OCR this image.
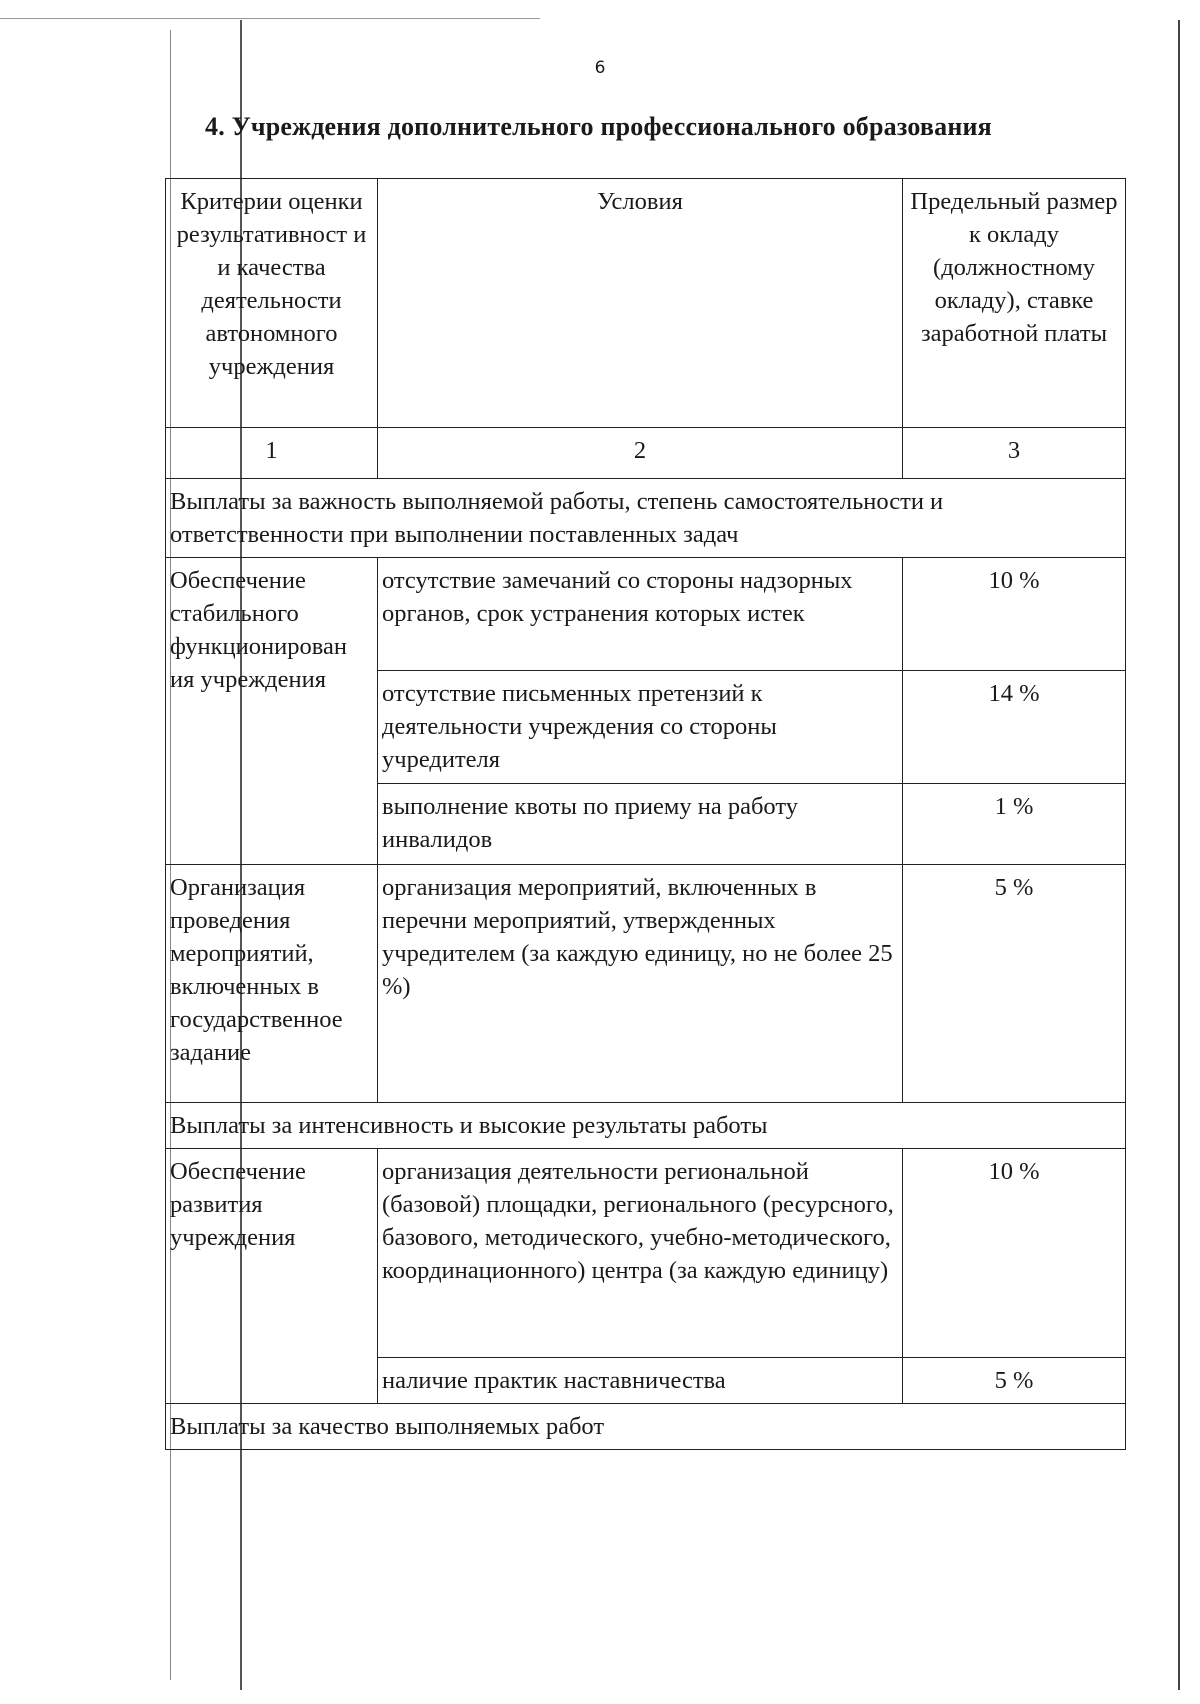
6
4. Учреждения дополнительного профессионального образования
Критерии оценки результативност и и качества деятельности автономного учреждения	Условия	Предельный размер к окладу (должностному окладу), ставке заработной платы
1	2	3
Выплаты за важность выполняемой работы, степень самостоятельности и ответственности при выполнении поставленных задач		
Обеспечение стабильного функционирован ия учреждения	отсутствие замечаний со стороны надзорных органов, срок устранения которых истек	10 %
	отсутствие письменных претензий к деятельности учреждения со стороны учредителя	14 %
	выполнение квоты по приему на работу инвалидов	1 %
Организация проведения мероприятий, включенных в государственное задание	организация мероприятий, включенных в перечни мероприятий, утвержденных учредителем (за каждую единицу, но не более 25 %)	5 %
Выплаты за интенсивность и высокие результаты работы		
Обеспечение развития учреждения	организация деятельности региональной (базовой) площадки, регионального (ресурсного, базового, методического, учебно-методического, координационного) центра (за каждую единицу)	10 %
	наличие практик наставничества	5 %
Выплаты за качество выполняемых работ		
